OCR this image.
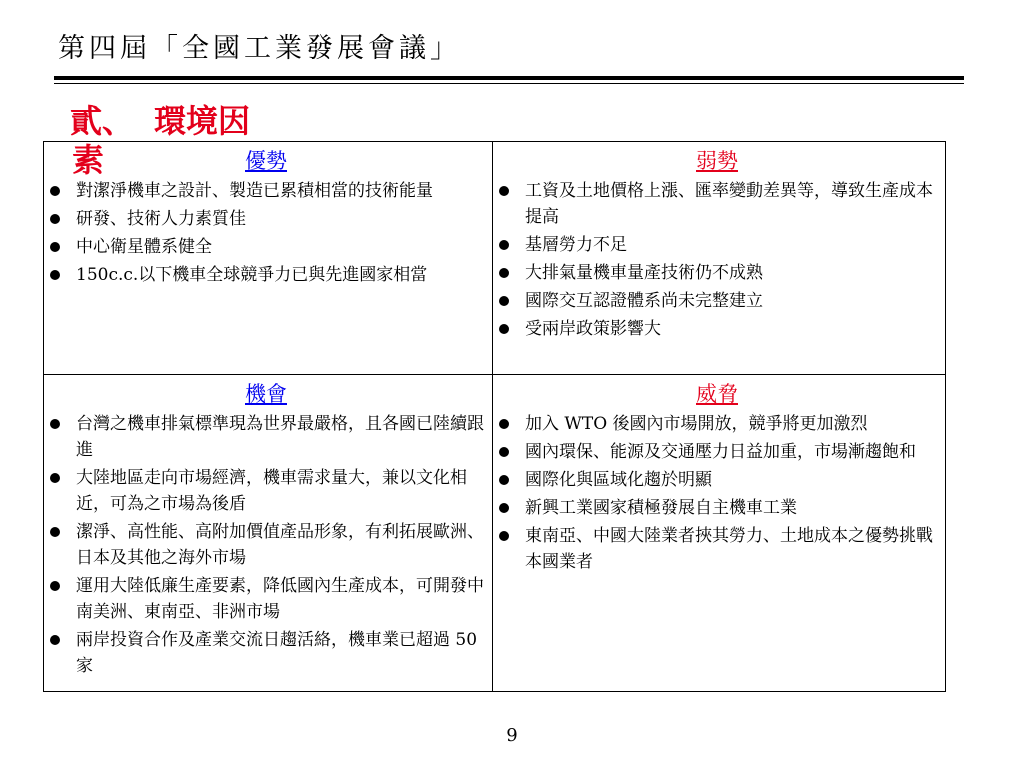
第四屆「全國工業發展會議」
貳、 環境因
優勢
對潔淨機車之設計、製造已累積相當的技術能量
研發、技術人力素質佳
中心衛星體系健全
150c.c.以下機車全球競爭力已與先進國家相當
弱勢
工資及土地價格上漲、匯率變動差異等，導致生產成本提高
基層勞力不足
大排氣量機車量產技術仍不成熟
國際交互認證體系尚未完整建立
受兩岸政策影響大
機會
台灣之機車排氣標準現為世界最嚴格，且各國已陸續跟進
大陸地區走向市場經濟，機車需求量大，兼以文化相近，可為之市場為後盾
潔淨、高性能、高附加價值產品形象，有利拓展歐洲、日本及其他之海外市場
運用大陸低廉生產要素，降低國內生產成本，可開發中南美洲、東南亞、非洲市場
兩岸投資合作及產業交流日趨活絡，機車業已超過 50 家
威脅
加入 WTO 後國內市場開放，競爭將更加激烈
國內環保、能源及交通壓力日益加重，市場漸趨飽和
國際化與區域化趨於明顯
新興工業國家積極發展自主機車工業
東南亞、中國大陸業者挾其勞力、土地成本之優勢挑戰本國業者
素
9
